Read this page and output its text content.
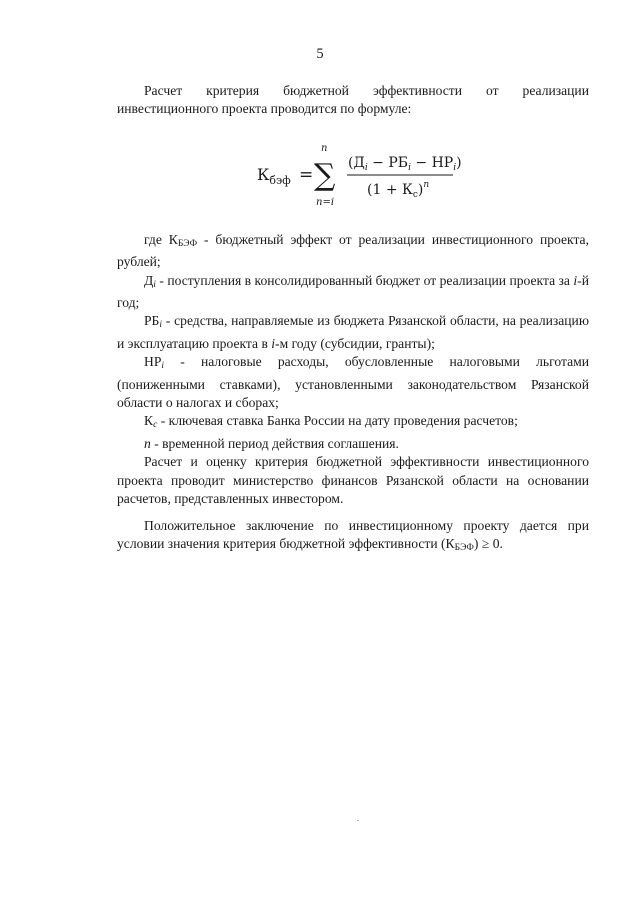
5

Расчет критерия бюджетной эффективности от реализации инвестиционного проекта проводится по формуле:

$К_{бэф}$ = ∑
n
n=i
$(Д_i - РБ_i - НР_i)$
$(1 + К_c)^n$

где $К_{БЭФ}$ - бюджетный эффект от реализации инвестиционного проекта, рублей;

$Д_i$ - поступления в консолидированный бюджет от реализации проекта за i-й год;

$РБ_i$ - средства, направляемые из бюджета Рязанской области, на реализацию и эксплуатацию проекта в i-м году (субсидии, гранты);

$НР_i$ - налоговые расходы, обусловленные налоговыми льготами (пониженными ставками), установленными законодательством Рязанской области о налогах и сборах;

$К_c$ - ключевая ставка Банка России на дату проведения расчетов;

n - временной период действия соглашения.

Расчет и оценку критерия бюджетной эффективности инвестиционного проекта проводит министерство финансов Рязанской области на основании расчетов, представленных инвестором.

Положительное заключение по инвестиционному проекту дается при условии значения критерия бюджетной эффективности $(К_{БЭФ}) \ge 0$.
